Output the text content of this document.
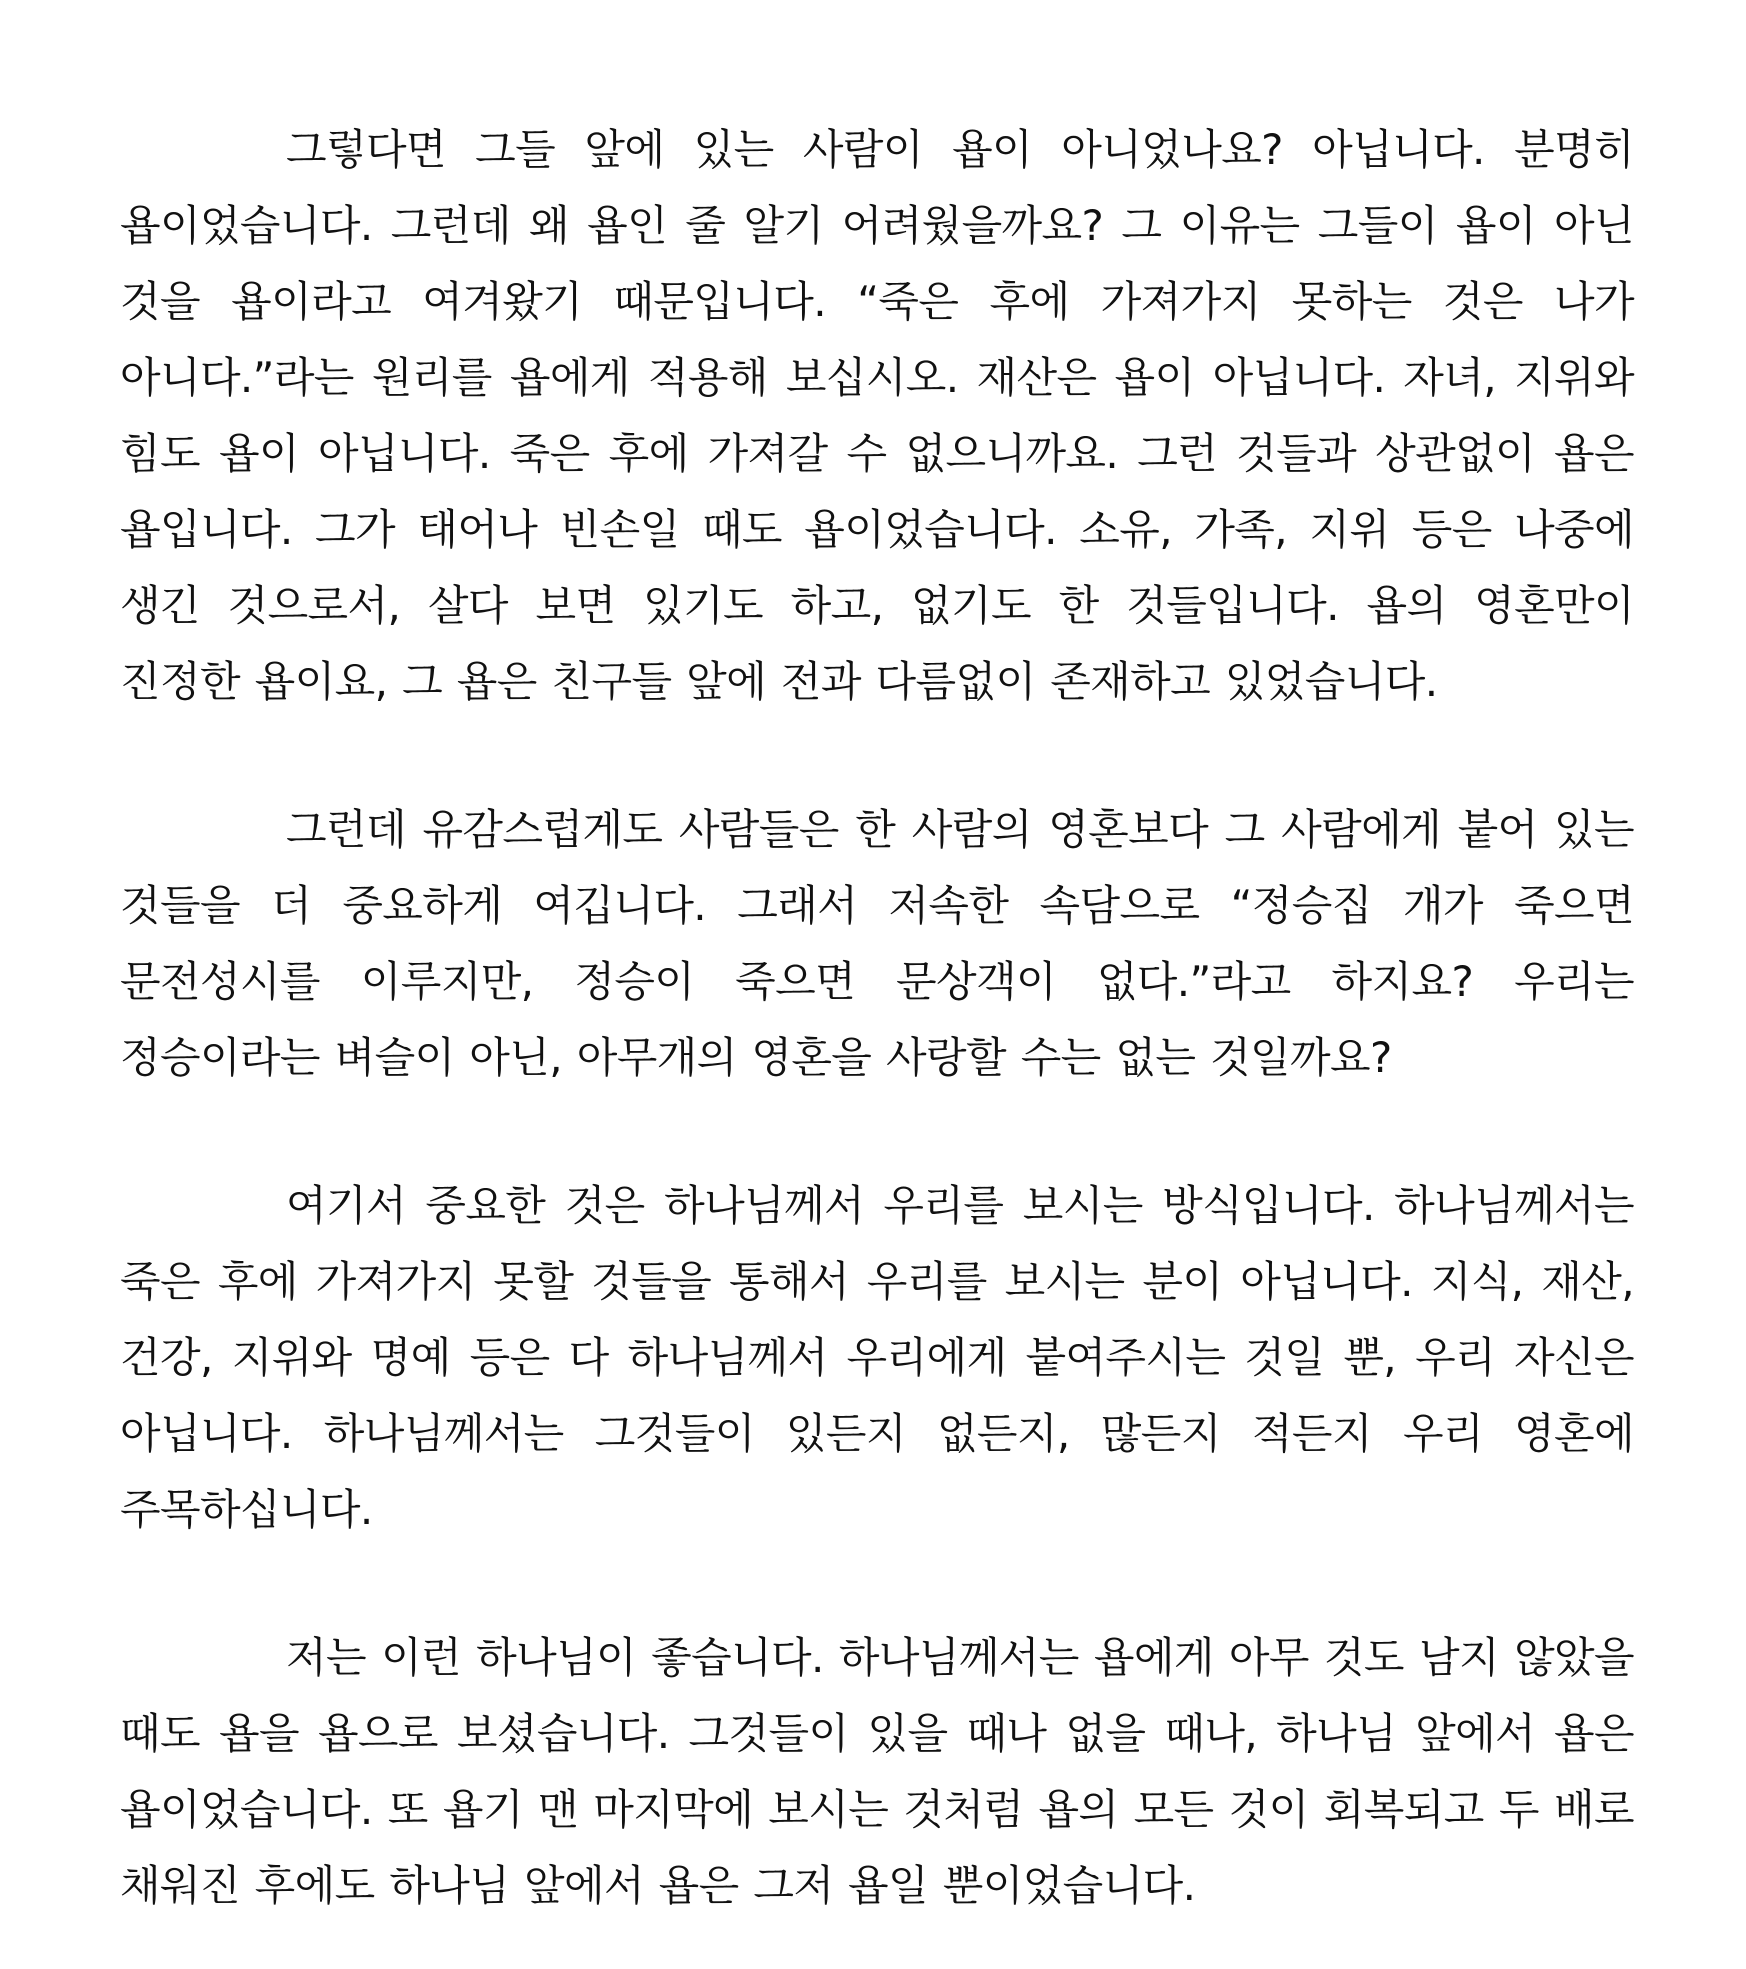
그렇다면 그들 앞에 있는 사람이 욥이 아니었나요? 아닙니다. 분명히 욥이었습니다. 그런데 왜 욥인 줄 알기 어려웠을까요? 그 이유는 그들이 욥이 아닌 것을 욥이라고 여겨왔기 때문입니다. “죽은 후에 가져가지 못하는 것은 나가 아니다.”라는 원리를 욥에게 적용해 보십시오. 재산은 욥이 아닙니다. 자녀, 지위와 힘도 욥이 아닙니다. 죽은 후에 가져갈 수 없으니까요. 그런 것들과 상관없이 욥은 욥입니다. 그가 태어나 빈손일 때도 욥이었습니다. 소유, 가족, 지위 등은 나중에 생긴 것으로서, 살다 보면 있기도 하고, 없기도 한 것들입니다. 욥의 영혼만이 진정한 욥이요, 그 욥은 친구들 앞에 전과 다름없이 존재하고 있었습니다.

그런데 유감스럽게도 사람들은 한 사람의 영혼보다 그 사람에게 붙어 있는 것들을 더 중요하게 여깁니다. 그래서 저속한 속담으로 “정승집 개가 죽으면 문전성시를 이루지만, 정승이 죽으면 문상객이 없다.”라고 하지요? 우리는 정승이라는 벼슬이 아닌, 아무개의 영혼을 사랑할 수는 없는 것일까요?

여기서 중요한 것은 하나님께서 우리를 보시는 방식입니다. 하나님께서는 죽은 후에 가져가지 못할 것들을 통해서 우리를 보시는 분이 아닙니다. 지식, 재산, 건강, 지위와 명예 등은 다 하나님께서 우리에게 붙여주시는 것일 뿐, 우리 자신은 아닙니다. 하나님께서는 그것들이 있든지 없든지, 많든지 적든지 우리 영혼에 주목하십니다.

저는 이런 하나님이 좋습니다. 하나님께서는 욥에게 아무 것도 남지 않았을 때도 욥을 욥으로 보셨습니다. 그것들이 있을 때나 없을 때나, 하나님 앞에서 욥은 욥이었습니다. 또 욥기 맨 마지막에 보시는 것처럼 욥의 모든 것이 회복되고 두 배로 채워진 후에도 하나님 앞에서 욥은 그저 욥일 뿐이었습니다.
